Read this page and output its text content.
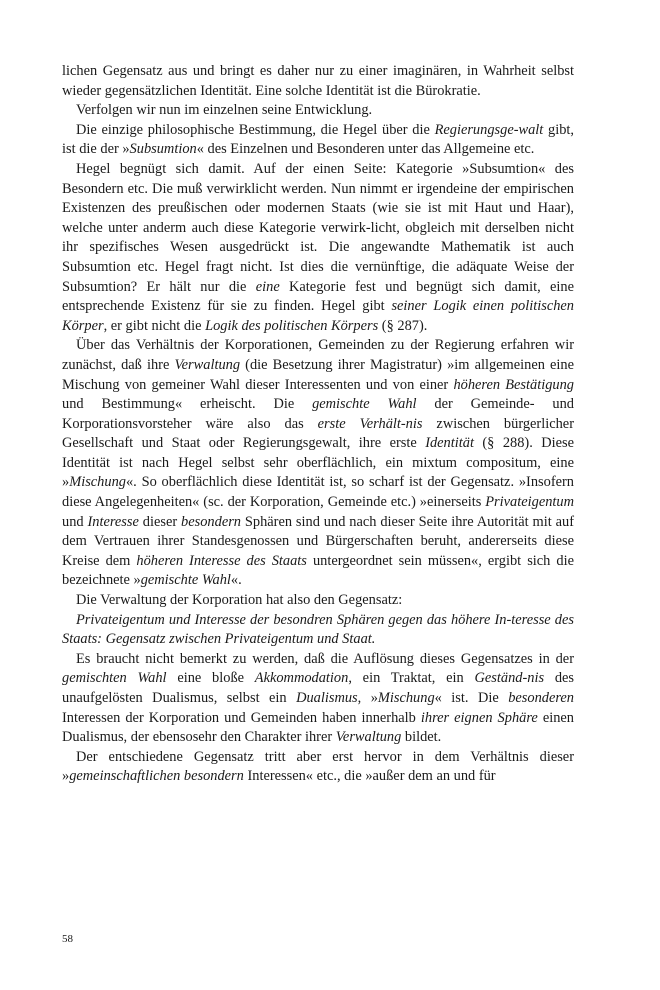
lichen Gegensatz aus und bringt es daher nur zu einer imaginären, in Wahrheit selbst wieder gegensätzlichen Identität. Eine solche Identität ist die Bürokratie.

Verfolgen wir nun im einzelnen seine Entwicklung.

Die einzige philosophische Bestimmung, die Hegel über die Regierungsge-walt gibt, ist die der »Subsumtion« des Einzelnen und Besonderen unter das Allgemeine etc.

Hegel begnügt sich damit. Auf der einen Seite: Kategorie »Subsumtion« des Besondern etc. Die muß verwirklicht werden. Nun nimmt er irgendeine der empirischen Existenzen des preußischen oder modernen Staats (wie sie ist mit Haut und Haar), welche unter anderm auch diese Kategorie verwirk-licht, obgleich mit derselben nicht ihr spezifisches Wesen ausgedrückt ist. Die angewandte Mathematik ist auch Subsumtion etc. Hegel fragt nicht. Ist dies die vernünftige, die adäquate Weise der Subsumtion? Er hält nur die eine Kategorie fest und begnügt sich damit, eine entsprechende Existenz für sie zu finden. Hegel gibt seiner Logik einen politischen Körper, er gibt nicht die Logik des politischen Körpers (§ 287).

Über das Verhältnis der Korporationen, Gemeinden zu der Regierung erfahren wir zunächst, daß ihre Verwaltung (die Besetzung ihrer Magistratur) »im allgemeinen eine Mischung von gemeiner Wahl dieser Interessenten und von einer höheren Bestätigung und Bestimmung« erheischt. Die gemischte Wahl der Gemeinde- und Korporationsvorsteher wäre also das erste Verhält-nis zwischen bürgerlicher Gesellschaft und Staat oder Regierungsgewalt, ihre erste Identität (§ 288). Diese Identität ist nach Hegel selbst sehr oberflächlich, ein mixtum compositum, eine »Mischung«. So oberflächlich diese Identität ist, so scharf ist der Gegensatz. »Insofern diese Angelegenheiten« (sc. der Korporation, Gemeinde etc.) »einerseits Privateigentum und Interesse dieser besondern Sphären sind und nach dieser Seite ihre Autorität mit auf dem Vertrauen ihrer Standesgenossen und Bürgerschaften beruht, andererseits diese Kreise dem höheren Interesse des Staats untergeordnet sein müssen«, ergibt sich die bezeichnete »gemischte Wahl«.

Die Verwaltung der Korporation hat also den Gegensatz:

Privateigentum und Interesse der besondren Sphären gegen das höhere In-teresse des Staats: Gegensatz zwischen Privateigentum und Staat.

Es braucht nicht bemerkt zu werden, daß die Auflösung dieses Gegensatzes in der gemischten Wahl eine bloße Akkommodation, ein Traktat, ein Geständ-nis des unaufgelösten Dualismus, selbst ein Dualismus, »Mischung« ist. Die besonderen Interessen der Korporation und Gemeinden haben innerhalb ihrer eignen Sphäre einen Dualismus, der ebensosehr den Charakter ihrer Verwaltung bildet.

Der entschiedene Gegensatz tritt aber erst hervor in dem Verhältnis dieser »gemeinschaftlichen besondern Interessen« etc., die »außer dem an und für

58
